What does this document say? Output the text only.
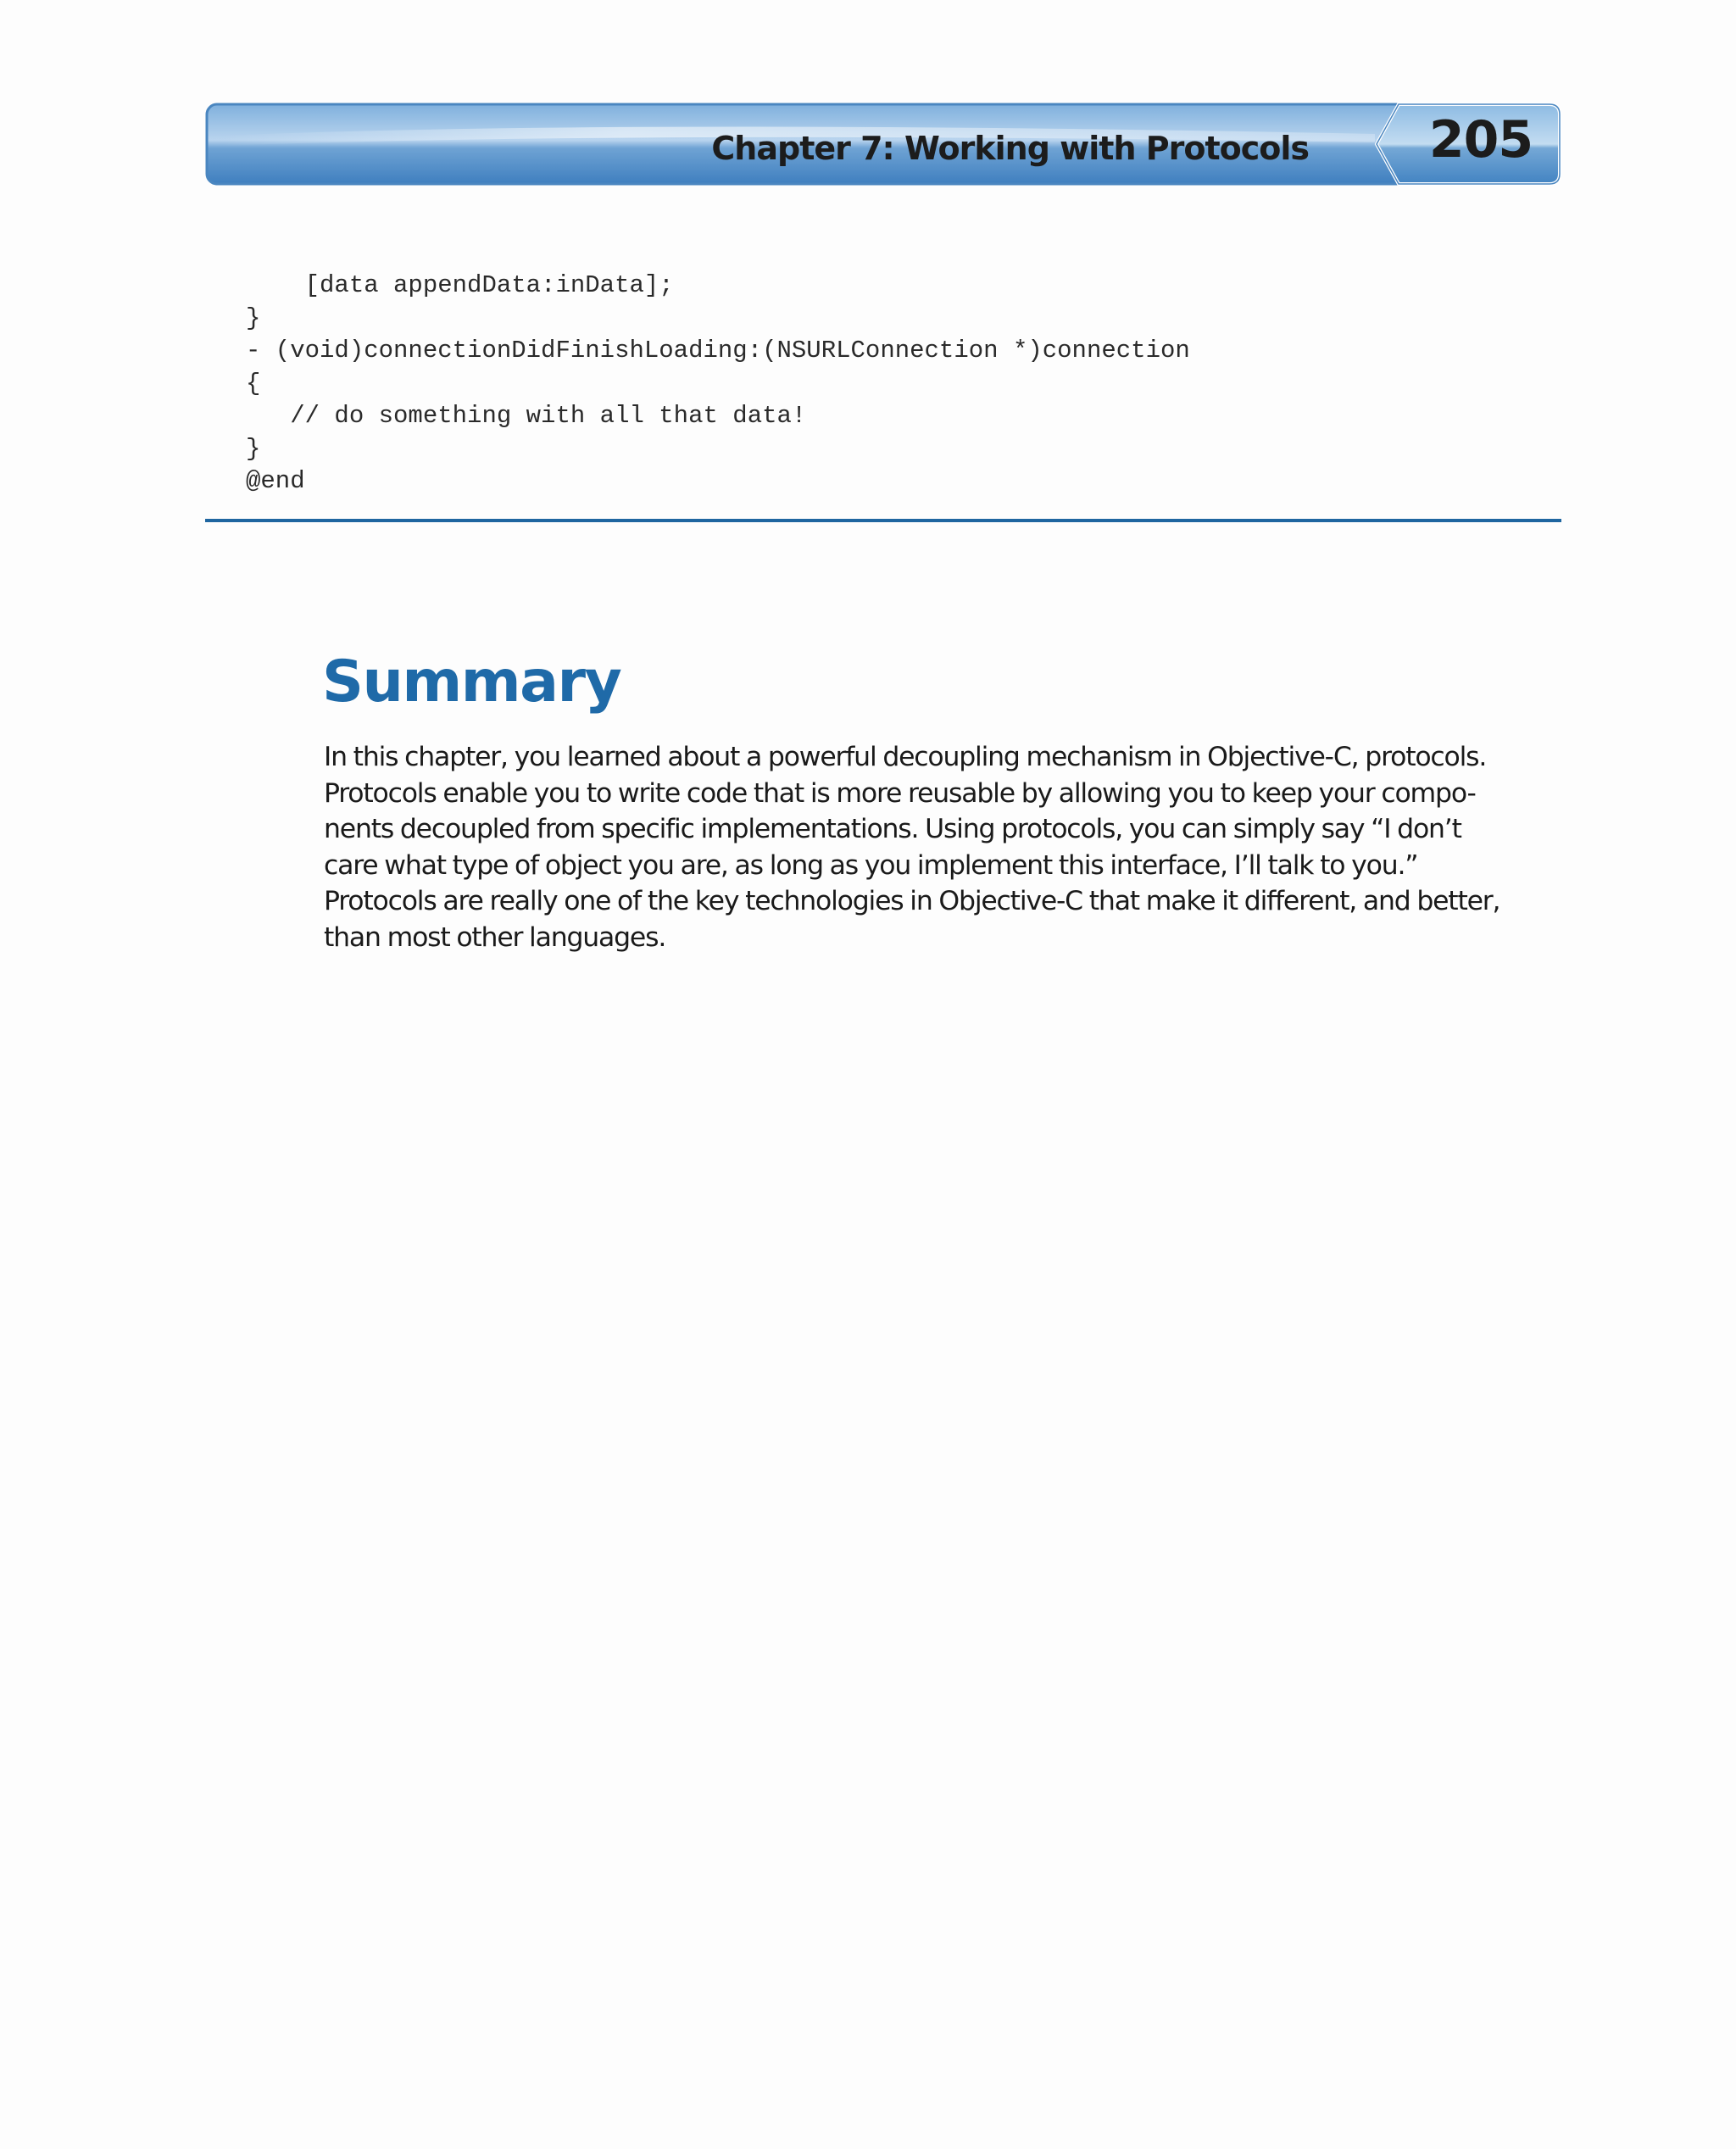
Chapter 7: Working with Protocols	205
[data appendData:inData];
}
- (void)connectionDidFinishLoading:(NSURLConnection *)connection
{
// do something with all that data!
}
@end
Summary

In this chapter, you learned about a powerful decoupling mechanism in Objective-C, protocols.
Protocols enable you to write code that is more reusable by allowing you to keep your compo-
nents decoupled from specific implementations. Using protocols, you can simply say “I don’t
care what type of object you are, as long as you implement this interface, I’ll talk to you.”
Protocols are really one of the key technologies in Objective-C that make it different, and better,
than most other languages.
